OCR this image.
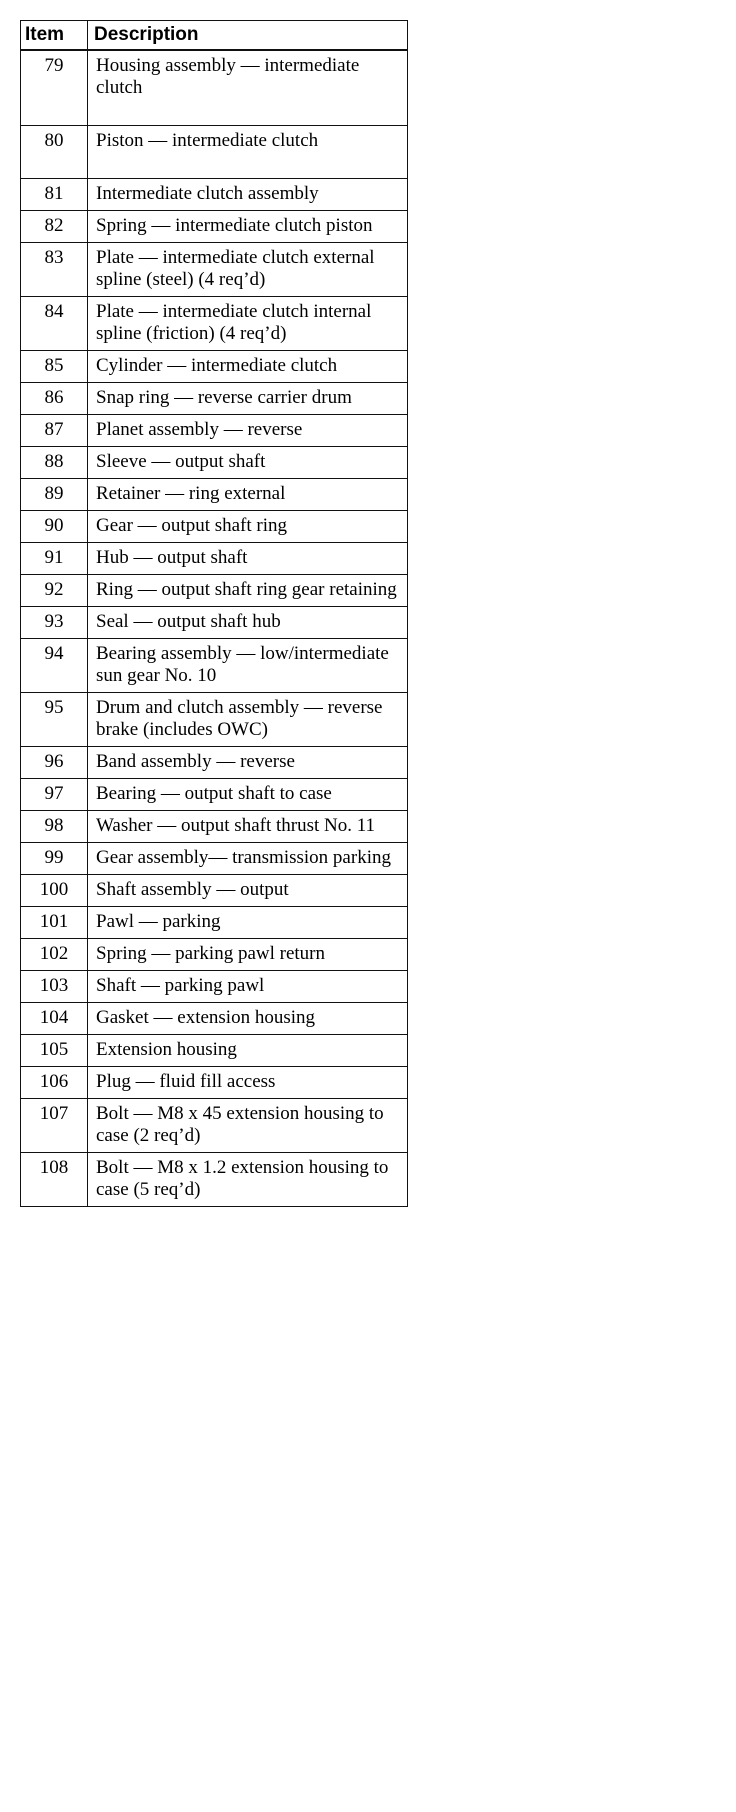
Item	Description
79	Housing assembly — intermediate clutch
80	Piston — intermediate clutch
81	Intermediate clutch assembly
82	Spring — intermediate clutch piston
83	Plate — intermediate clutch external spline (steel) (4 req’d)
84	Plate — intermediate clutch internal spline (friction) (4 req’d)
85	Cylinder — intermediate clutch
86	Snap ring — reverse carrier drum
87	Planet assembly — reverse
88	Sleeve — output shaft
89	Retainer — ring external
90	Gear — output shaft ring
91	Hub — output shaft
92	Ring — output shaft ring gear retaining
93	Seal — output shaft hub
94	Bearing assembly — low/intermediate sun gear No. 10
95	Drum and clutch assembly — reverse brake (includes OWC)
96	Band assembly — reverse
97	Bearing — output shaft to case
98	Washer — output shaft thrust No. 11
99	Gear assembly— transmission parking
100	Shaft assembly — output
101	Pawl — parking
102	Spring — parking pawl return
103	Shaft — parking pawl
104	Gasket — extension housing
105	Extension housing
106	Plug — fluid fill access
107	Bolt — M8 x 45 extension housing to case (2 req’d)
108	Bolt — M8 x 1.2 extension housing to case (5 req’d)
